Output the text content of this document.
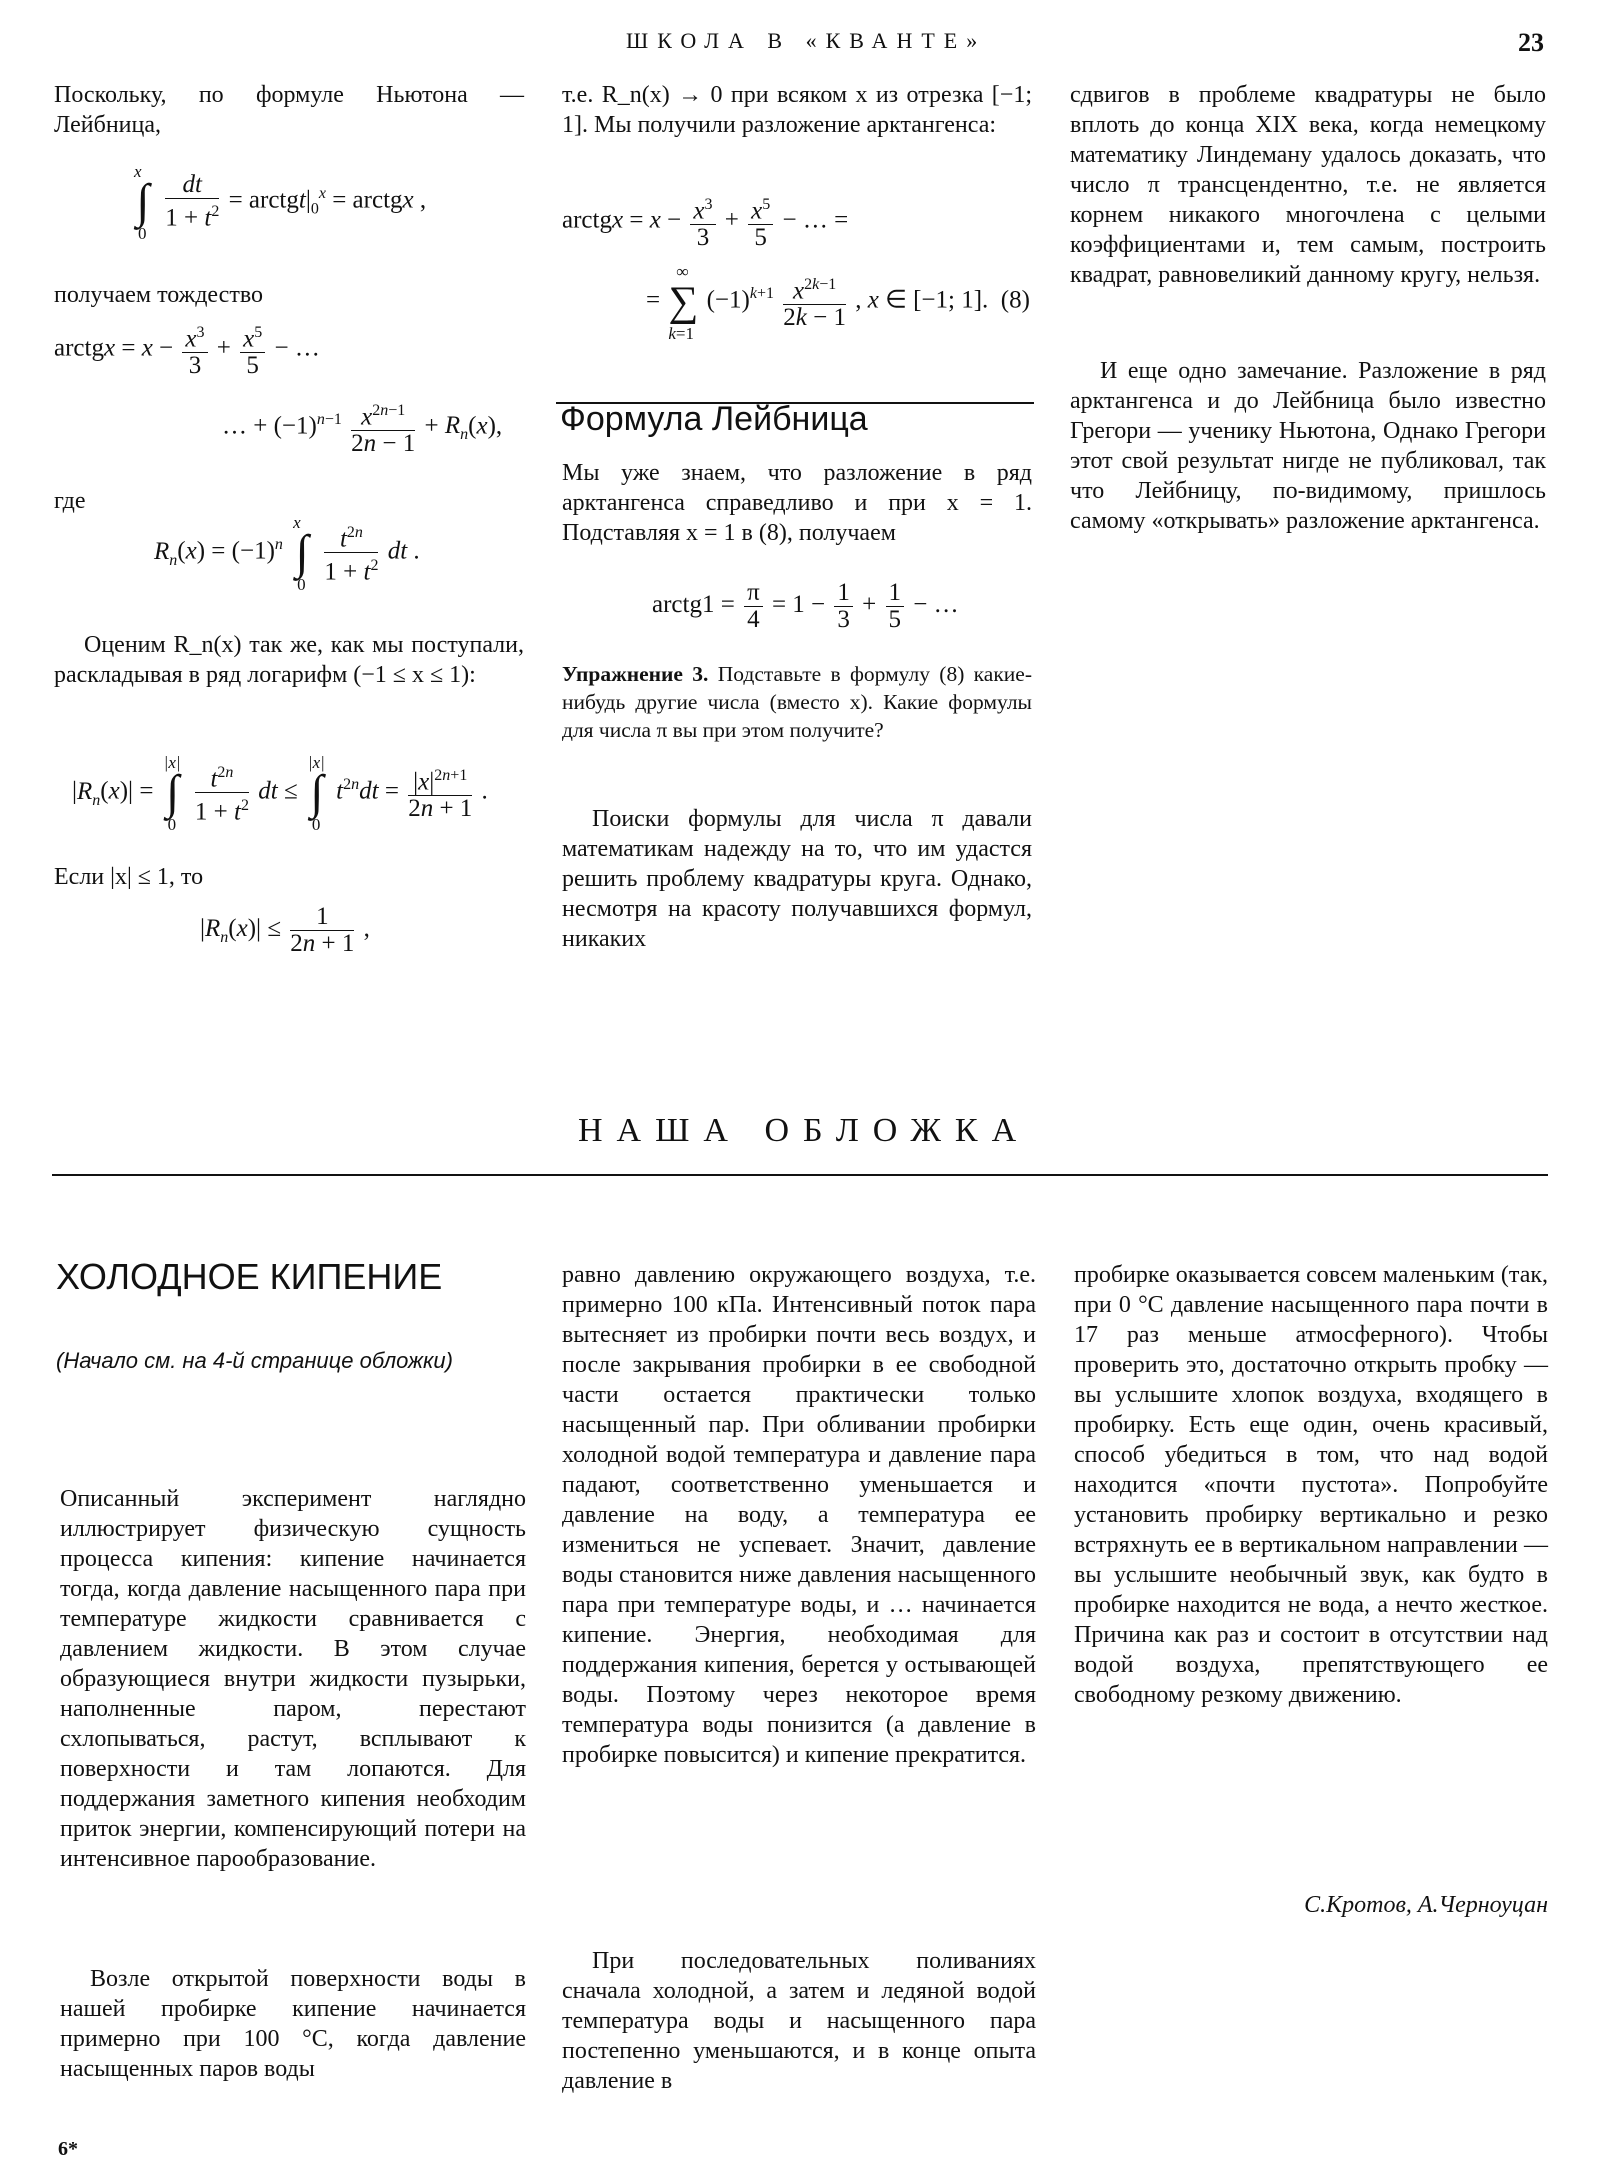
ШКОЛА В «КВАНТЕ»	23
Поскольку, по формуле Ньютона — Лейбница,
x
∫
0

$\frac{dt}{1 + t^2}$ = $arctgt|_0^x$ = arctgx ,
получаем тождество
arctgx = $x - \frac{x^3}{3} + \frac{x^5}{5}$ − …
… + $(-1)^{n-1} \frac{x^{2n-1}}{2n - 1} + R_n(x)$,
где
$R_n(x) = (-1)^n$
x
∫
0
$\frac{t^{2n}}{1 + t^2}$ dt .
Оценим R_n(x) так же, как мы поступали, раскладывая в ряд логарифм (−1 ≤ x ≤ 1):
$|R_n(x)|$ =
|x|
∫
0
$\frac{t^{2n}}{1 + t^2}$ dt ≤
|x|
∫
0
$t^{2n}dt = \frac{|x|^{2n+1}}{2n + 1}$ .
Если |x| ≤ 1, то
$|R_n(x)| \le \frac{1}{2n + 1}$ ,
т.е. R_n(x) → 0 при всяком x из отрезка [−1; 1]. Мы получили разложение арктангенса:
arctgx = $x - \frac{x^3}{3} + \frac{x^5}{5}$ − … =
=
∞
∑
k=1
$(-1)^{k+1} \frac{x^{2k-1}}{2k - 1}$ , x ∈ [−1; 1].  (8)
Формула Лейбница
Мы уже знаем, что разложение в ряд арктангенса справедливо и при x = 1. Подставляя x = 1 в (8), получаем
arctg1 = $\frac{\pi}{4} = 1 - \frac{1}{3} + \frac{1}{5}$ − …
Упражнение 3. Подставьте в формулу (8) какие-нибудь другие числа (вместо x). Какие формулы для числа π вы при этом получите?
Поиски формулы для числа π давали математикам надежду на то, что им удастся решить проблему квадратуры круга. Однако, несмотря на красоту получавшихся формул, никаких
сдвигов в проблеме квадратуры не было вплоть до конца XIX века, когда немецкому математику Линдеману удалось доказать, что число π трансцендентно, т.е. не является корнем никакого многочлена с целыми коэффициентами и, тем самым, построить квадрат, равновеликий данному кругу, нельзя.
И еще одно замечание. Разложение в ряд арктангенса и до Лейбница было известно Грегори — ученику Ньютона, Однако Грегори этот свой результат нигде не публиковал, так что Лейбницу, по-видимому, пришлось самому «открывать» разложение арктангенса.
НАША ОБЛОЖКА
ХОЛОДНОЕ КИПЕНИЕ
(Начало см. на 4-й странице обложки)
Описанный эксперимент наглядно иллюстрирует физическую сущность процесса кипения: кипение начинается тогда, когда давление насыщенного пара при температуре жидкости сравнивается с давлением жидкости. В этом случае образующиеся внутри жидкости пузырьки, наполненные паром, перестают схлопываться, растут, всплывают к поверхности и там лопаются. Для поддержания заметного кипения необходим приток энергии, компенсирующий потери на интенсивное парообразование.
Возле открытой поверхности воды в нашей пробирке кипение начинается примерно при 100 °С, когда давление насыщенных паров воды
равно давлению окружающего воздуха, т.е. примерно 100 кПа. Интенсивный поток пара вытесняет из пробирки почти весь воздух, и после закрывания пробирки в ее свободной части остается практически только насыщенный пар. При обливании пробирки холодной водой температура и давление пара падают, соответственно уменьшается и давление на воду, а температура ее измениться не успевает. Значит, давление воды становится ниже давления насыщенного пара при температуре воды, и … начинается кипение. Энергия, необходимая для поддержания кипения, берется у остывающей воды. Поэтому через некоторое время температура воды понизится (а давление в пробирке повысится) и кипение прекратится.
При последовательных поливаниях сначала холодной, а затем и ледяной водой температура воды и насыщенного пара постепенно уменьшаются, и в конце опыта давление в
пробирке оказывается совсем маленьким (так, при 0 °С давление насыщенного пара почти в 17 раз меньше атмосферного). Чтобы проверить это, достаточно открыть пробку — вы услышите хлопок воздуха, входящего в пробирку. Есть еще один, очень красивый, способ убедиться в том, что над водой находится «почти пустота». Попробуйте установить пробирку вертикально и резко встряхнуть ее в вертикальном направлении — вы услышите необычный звук, как будто в пробирке находится не вода, а нечто жесткое. Причина как раз и состоит в отсутствии над водой воздуха, препятствующего ее свободному резкому движению.
С.Кротов, А.Черноуцан
6*
